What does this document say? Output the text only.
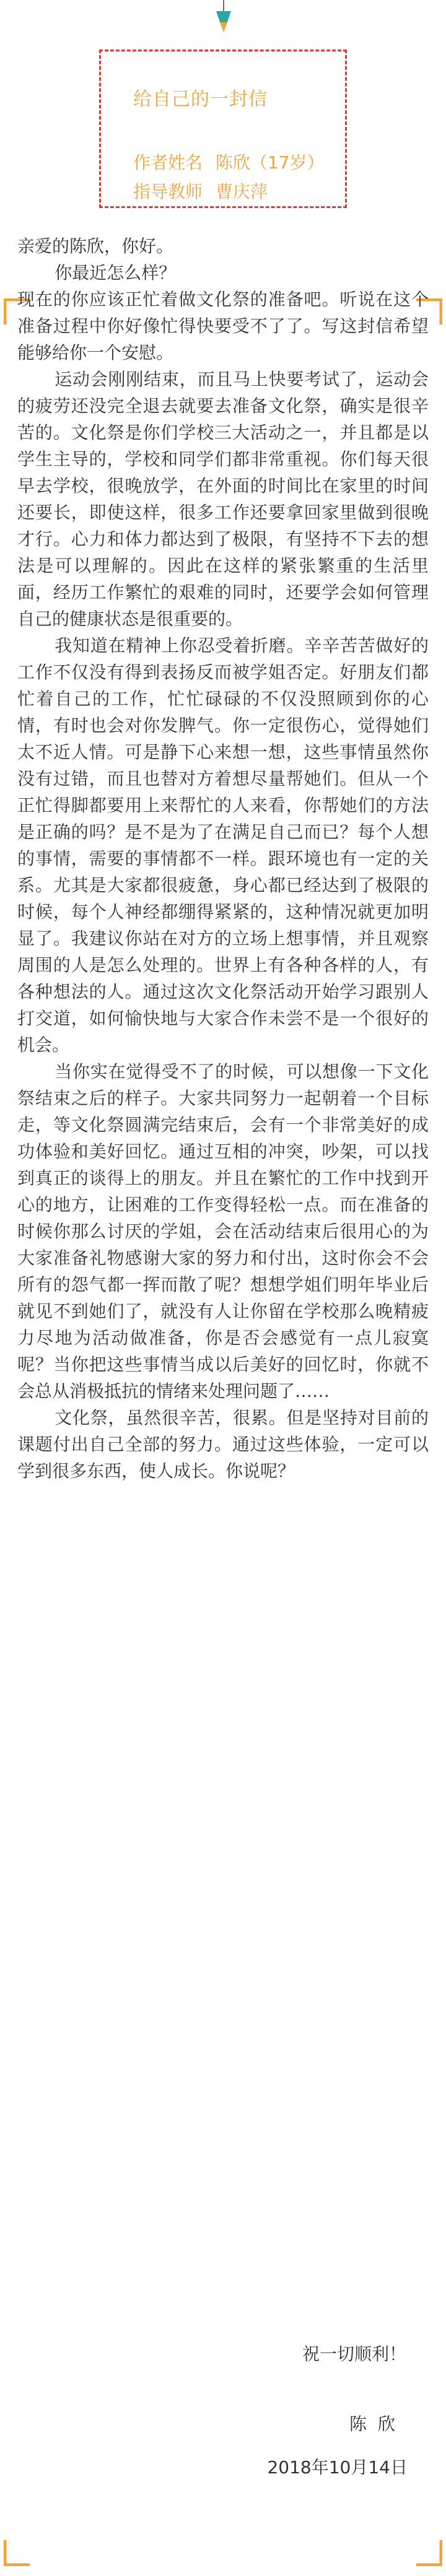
给自己的一封信
作者姓名 陈欣（17岁）
指导教师 曹庆萍

亲爱的陈欣，你好。

你最近怎么样？

现在的你应该正忙着做文化祭的准备吧。听说在这个准备过程中你好像忙得快要受不了了。写这封信希望能够给你一个安慰。

运动会刚刚结束，而且马上快要考试了，运动会的疲劳还没完全退去就要去准备文化祭，确实是很辛苦的。文化祭是你们学校三大活动之一，并且都是以学生主导的，学校和同学们都非常重视。你们每天很早去学校，很晚放学，在外面的时间比在家里的时间还要长，即使这样，很多工作还要拿回家里做到很晚才行。心力和体力都达到了极限，有坚持不下去的想法是可以理解的。因此在这样的紧张繁重的生活里面，经历工作繁忙的艰难的同时，还要学会如何管理自己的健康状态是很重要的。

我知道在精神上你忍受着折磨。辛辛苦苦做好的工作不仅没有得到表扬反而被学姐否定。好朋友们都忙着自己的工作，忙忙碌碌的不仅没照顾到你的心情，有时也会对你发脾气。你一定很伤心，觉得她们太不近人情。可是静下心来想一想，这些事情虽然你没有过错，而且也替对方着想尽量帮她们。但从一个正忙得脚都要用上来帮忙的人来看，你帮她们的方法是正确的吗？是不是为了在满足自己而已？每个人想的事情，需要的事情都不一样。跟环境也有一定的关系。尤其是大家都很疲惫，身心都已经达到了极限的时候，每个人神经都绷得紧紧的，这种情况就更加明显了。我建议你站在对方的立场上想事情，并且观察周围的人是怎么处理的。世界上有各种各样的人，有各种想法的人。通过这次文化祭活动开始学习跟别人打交道，如何愉快地与大家合作未尝不是一个很好的机会。

当你实在觉得受不了的时候，可以想像一下文化祭结束之后的样子。大家共同努力一起朝着一个目标走，等文化祭圆满完结束后，会有一个非常美好的成功体验和美好回忆。通过互相的冲突，吵架，可以找到真正的谈得上的朋友。并且在繁忙的工作中找到开心的地方，让困难的工作变得轻松一点。而在准备的时候你那么讨厌的学姐，会在活动结束后很用心的为大家准备礼物感谢大家的努力和付出，这时你会不会所有的怨气都一挥而散了呢？想想学姐们明年毕业后就见不到她们了，就没有人让你留在学校那么晚精疲力尽地为活动做准备，你是否会感觉有一点儿寂寞呢？当你把这些事情当成以后美好的回忆时，你就不会总从消极抵抗的情绪来处理问题了……

文化祭，虽然很辛苦，很累。但是坚持对目前的课题付出自己全部的努力。通过这些体验，一定可以学到很多东西，使人成长。你说呢？

祝一切顺利！
陈欣
2018年10月14日
